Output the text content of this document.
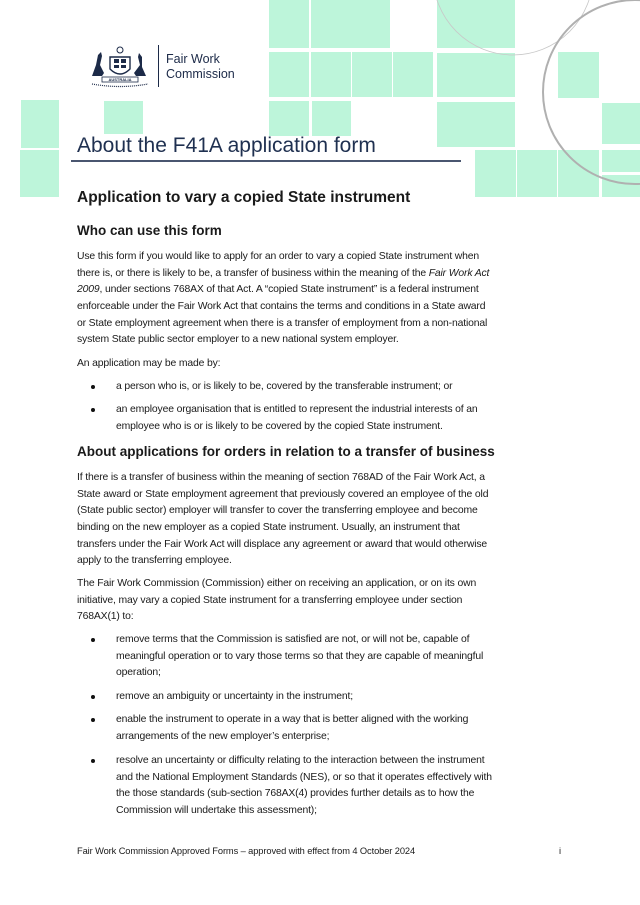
AUSTRALIA
Fair Work
Commission
About the F41A application form
Application to vary a copied State instrument
Who can use this form
Use this form if you would like to apply for an order to vary a copied State instrument when
there is, or there is likely to be, a transfer of business within the meaning of the Fair Work Act
2009, under sections 768AX of that Act. A “copied State instrument” is a federal instrument
enforceable under the Fair Work Act that contains the terms and conditions in a State award
or State employment agreement when there is a transfer of employment from a non-national
system State public sector employer to a new national system employer.
An application may be made by:
a person who is, or is likely to be, covered by the transferable instrument; or
an employee organisation that is entitled to represent the industrial interests of an
employee who is or is likely to be covered by the copied State instrument.
About applications for orders in relation to a transfer of business
If there is a transfer of business within the meaning of section 768AD of the Fair Work Act, a
State award or State employment agreement that previously covered an employee of the old
(State public sector) employer will transfer to cover the transferring employee and become
binding on the new employer as a copied State instrument. Usually, an instrument that
transfers under the Fair Work Act will displace any agreement or award that would otherwise
apply to the transferring employee.
The Fair Work Commission (Commission) either on receiving an application, or on its own
initiative, may vary a copied State instrument for a transferring employee under section
768AX(1) to:
remove terms that the Commission is satisfied are not, or will not be, capable of
meaningful operation or to vary those terms so that they are capable of meaningful
operation;
remove an ambiguity or uncertainty in the instrument;
enable the instrument to operate in a way that is better aligned with the working
arrangements of the new employer’s enterprise;
resolve an uncertainty or difficulty relating to the interaction between the instrument
and the National Employment Standards (NES), or so that it operates effectively with
the those standards (sub-section 768AX(4) provides further details as to how the
Commission will undertake this assessment);
Fair Work Commission Approved Forms – approved with effect from 4 October 2024	i
